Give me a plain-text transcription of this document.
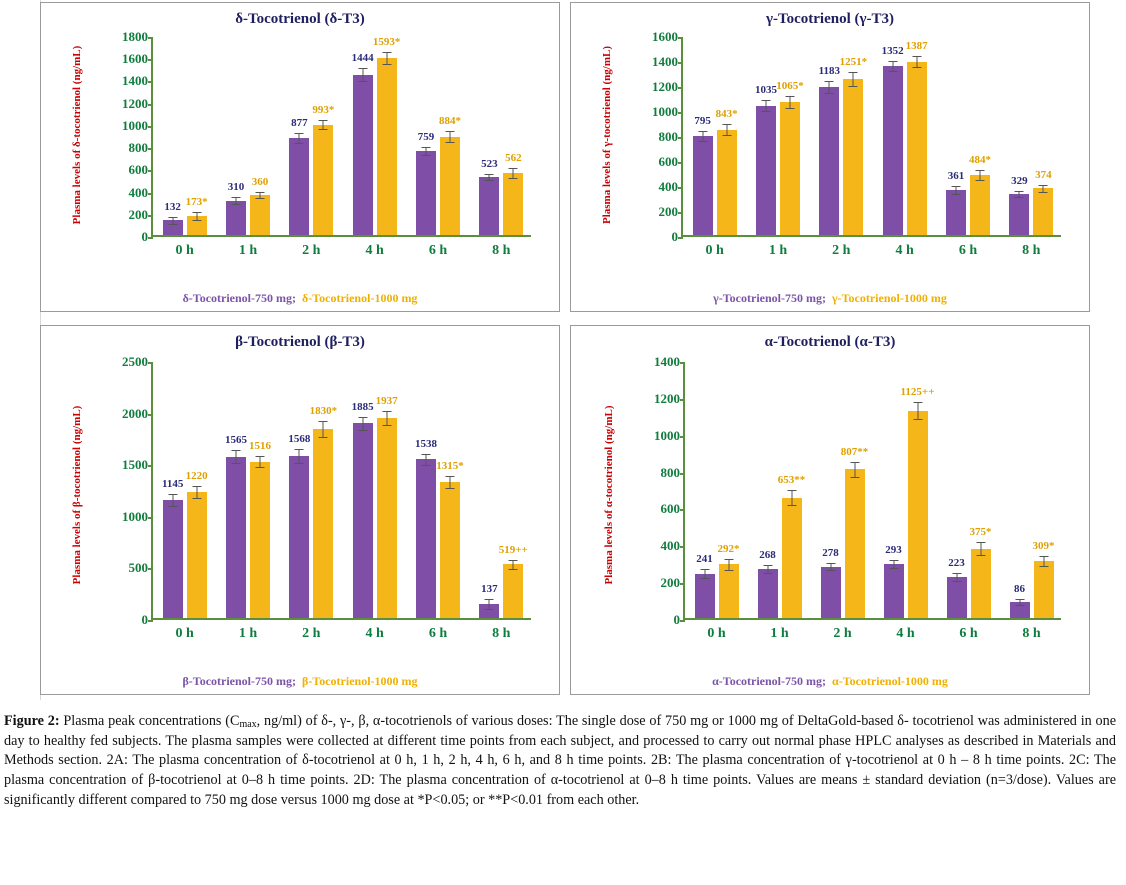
δ-Tocotrienol (δ-T3)
Plasma levels of δ-tocotrienol (ng/mL)
0
200
400
600
800
1000
1200
1400
1600
1800
132 173*
0 h
310 360
1 h
877
993*
2 h
1444
1593*
4 h
759
884*
6 h
523 562
8 h
δ-Tocotrienol-750 mg;  δ-Tocotrienol-1000 mg
γ-Tocotrienol (γ-T3)
Plasma levels of γ-tocotrienol (ng/mL)
0
200
400
600
800
1000
1200
1400
1600
795
843*
0 h
1035 1065*
1 h
1183
1251*
2 h
1352 1387
4 h
361
484*
6 h
329
374
8 h
γ-Tocotrienol-750 mg;  γ-Tocotrienol-1000 mg
β-Tocotrienol (β-T3)
Plasma levels of β-tocotrienol (ng/mL)
0
500
1000
1500
2000
2500
1145
1220
0 h
1565 1516
1 h
1568
1830*
2 h
1885 1937
4 h
1538
1315*
6 h
137
519++
8 h
β-Tocotrienol-750 mg;  β-Tocotrienol-1000 mg
α-Tocotrienol (α-T3)
Plasma levels of α-tocotrienol (ng/mL)
0
200
400
600
800
1000
1200
1400
241
292*
0 h
268
653**
1 h
278
807**
2 h
293
1125++
4 h
223
375*
6 h
86
309*
8 h
α-Tocotrienol-750 mg;  α-Tocotrienol-1000 mg
Figure 2: Plasma peak concentrations ($C_{max}$, ng/ml) of δ-, γ-, β, α-tocotrienols of various doses: The single dose of 750 mg or 1000 mg of DeltaGold-based δ- tocotrienol was administered in one day to healthy fed subjects. The plasma samples were collected at different time points from each subject, and processed to carry out normal phase HPLC analyses as described in Materials and Methods section. 2A: The plasma concentration of δ-tocotrienol at 0 h, 1 h, 2 h, 4 h, 6 h, and 8 h time points. 2B: The plasma concentration of γ-tocotrienol at 0 h – 8 h time points. 2C: The plasma concentration of β-tocotrienol at 0–8 h time points. 2D: The plasma concentration of α-tocotrienol at 0–8 h time points. Values are means ± standard deviation (n=3/dose). Values are significantly different compared to 750 mg dose versus 1000 mg dose at *P<0.05; or **P<0.01 from each other.
